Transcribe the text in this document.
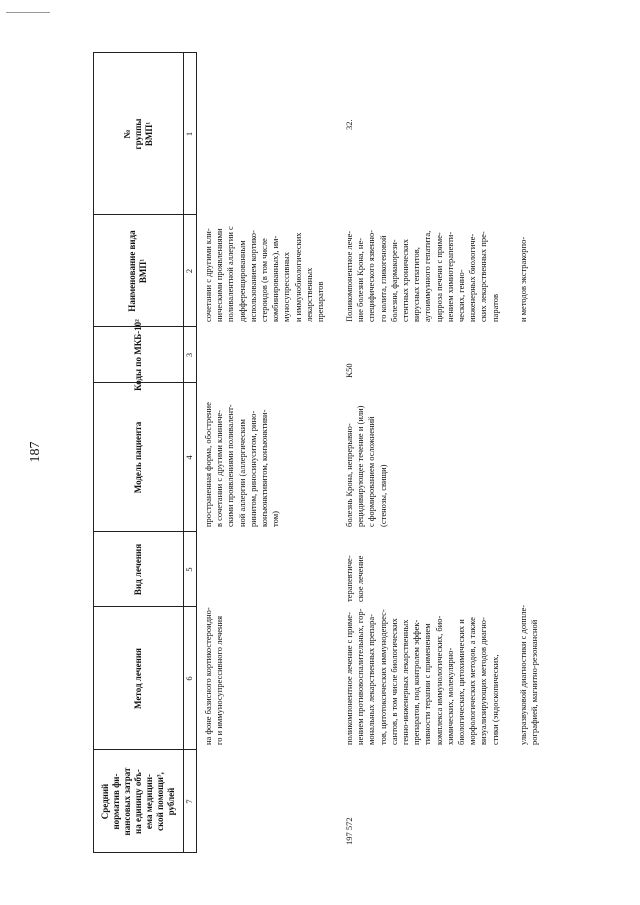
187
Средний
норматив фи-
нансовых затрат
на единицу объ-
ема медицин-
ской помощи³,
рублей
Метод лечения
Вид лечения
Модель пациента
Коды по МКБ-10²
Наименование вида
ВМП¹
№
группы
ВМП¹
7
6
5
4
3
2
1
на фоне базисного кортикостероидно-
го и иммуносупрессивного лечения
пространенная форма, обострение
в сочетании с другими клиниче-
скими проявлениями поливалент-
ной аллергии (аллергическим
ринитом, риносинуситом, рино-
конъюнктивитом, конъюнктиви-
том)
сочетании с другими кли-
ническими проявлениями
поливалентной аллергии с
дифференцированным
использованием кортико-
стероидов (в том числе
комбинированных), им-
муносупрессивных
и иммунобиологических
лекарственных
препаратов
197 572
поликомпонентное лечение с приме-
нением противовоспалительных, гор-
мональных лекарственных препара-
тов, цитотоксических иммунодепрес-
сантов, в том числе биологических
генно-инженерных лекарственных
препаратов, под контролем эффек-
тивности терапии с применением
комплекса иммунологических, био-
химических, молекулярно-
биологических, цитохимических и
морфологических методов, а также
визуализирующих методов диагно-
стики (эндоскопических,
терапевтиче-
ское лечение
болезнь Крона, непрерывно-
рецидивирующее течение и (или)
с формированием осложнений
(стенозы, свищи)
K50
Поликомпонентное лече-
ние болезни Крона, не-
специфического язвенно-
го колита, гликогеновой
болезни, фармакорези-
стентных хронических
вирусных гепатитов,
аутоиммунного гепатита,
цирроза печени с приме-
нением химиотерапевти-
ческих, генно-
инженерных биологиче-
ских лекарственных пре-
паратов
32.
ультразвуковой диагностики с доппле-
рографией, магнитно-резонансной
и методов экстракорпо-
